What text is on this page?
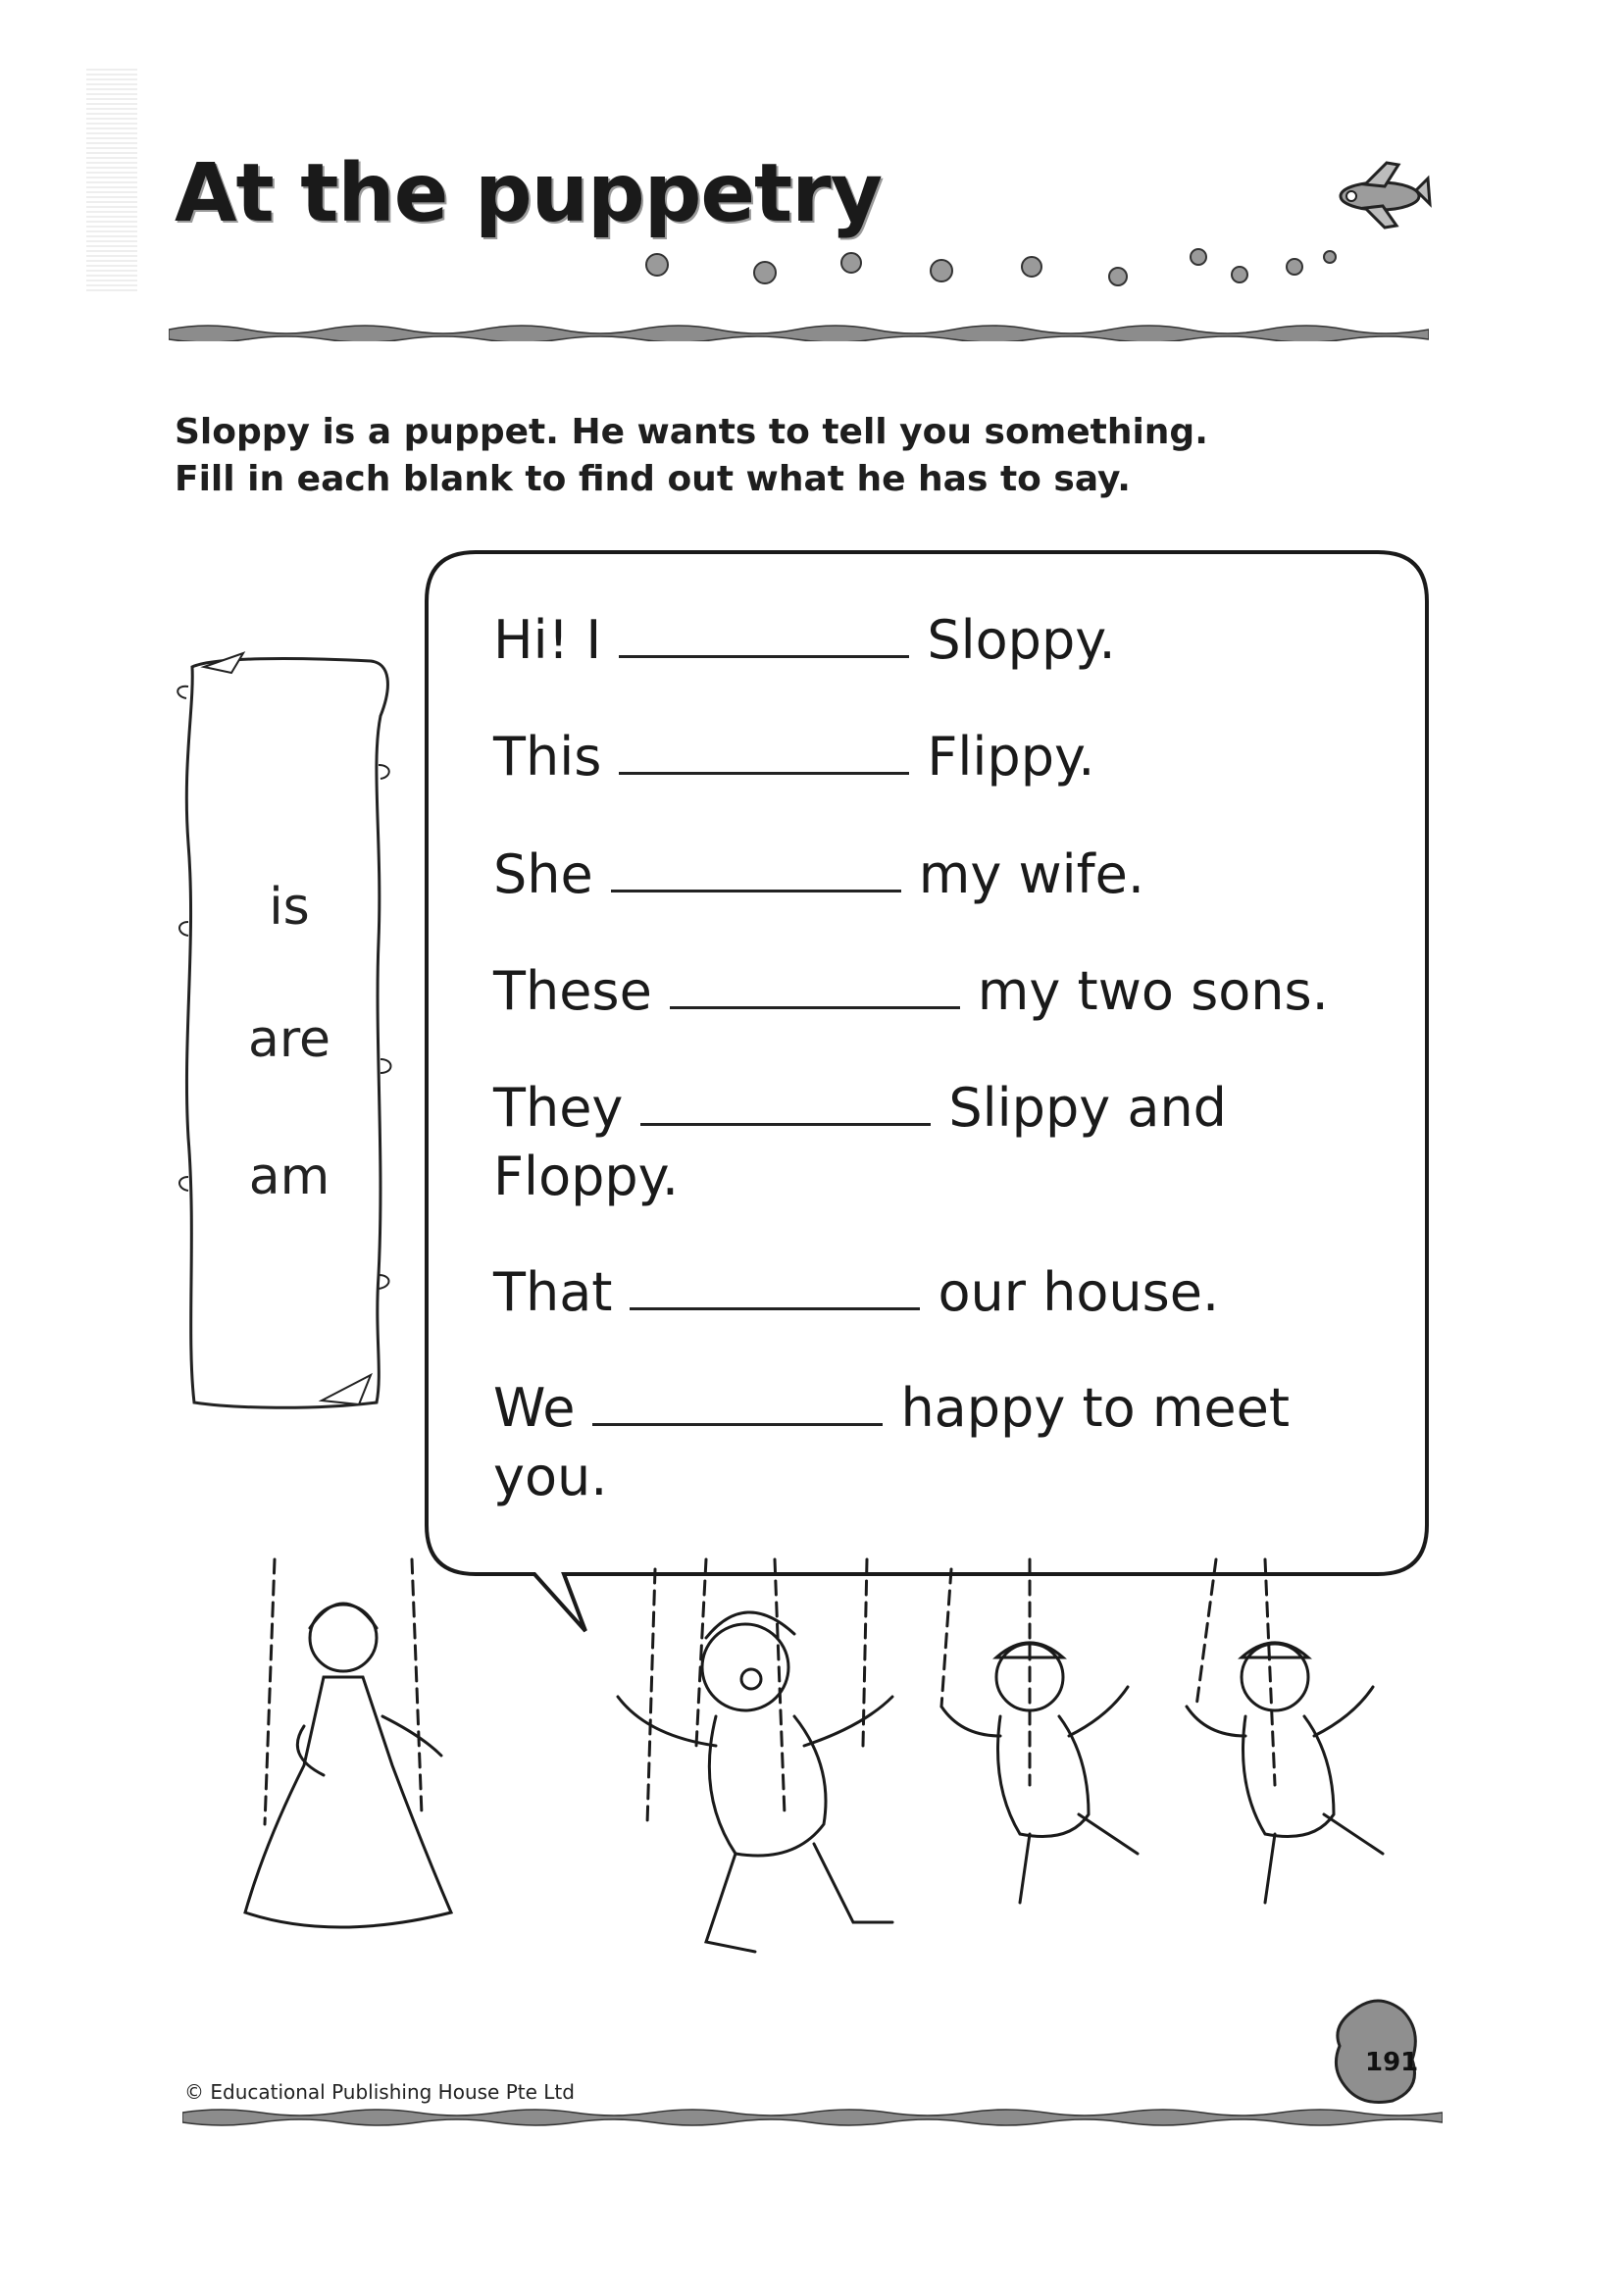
At the puppetry
Sloppy is a puppet. He wants to tell you something.
Fill in each blank to find out what he has to say.
is
are
am
Hi! I	Sloppy.
This	Flippy.
She	my wife.
These	my two sons.
They	Slippy and
Floppy.
That	our house.
We	happy to meet
you.
191
© Educational Publishing House Pte Ltd
